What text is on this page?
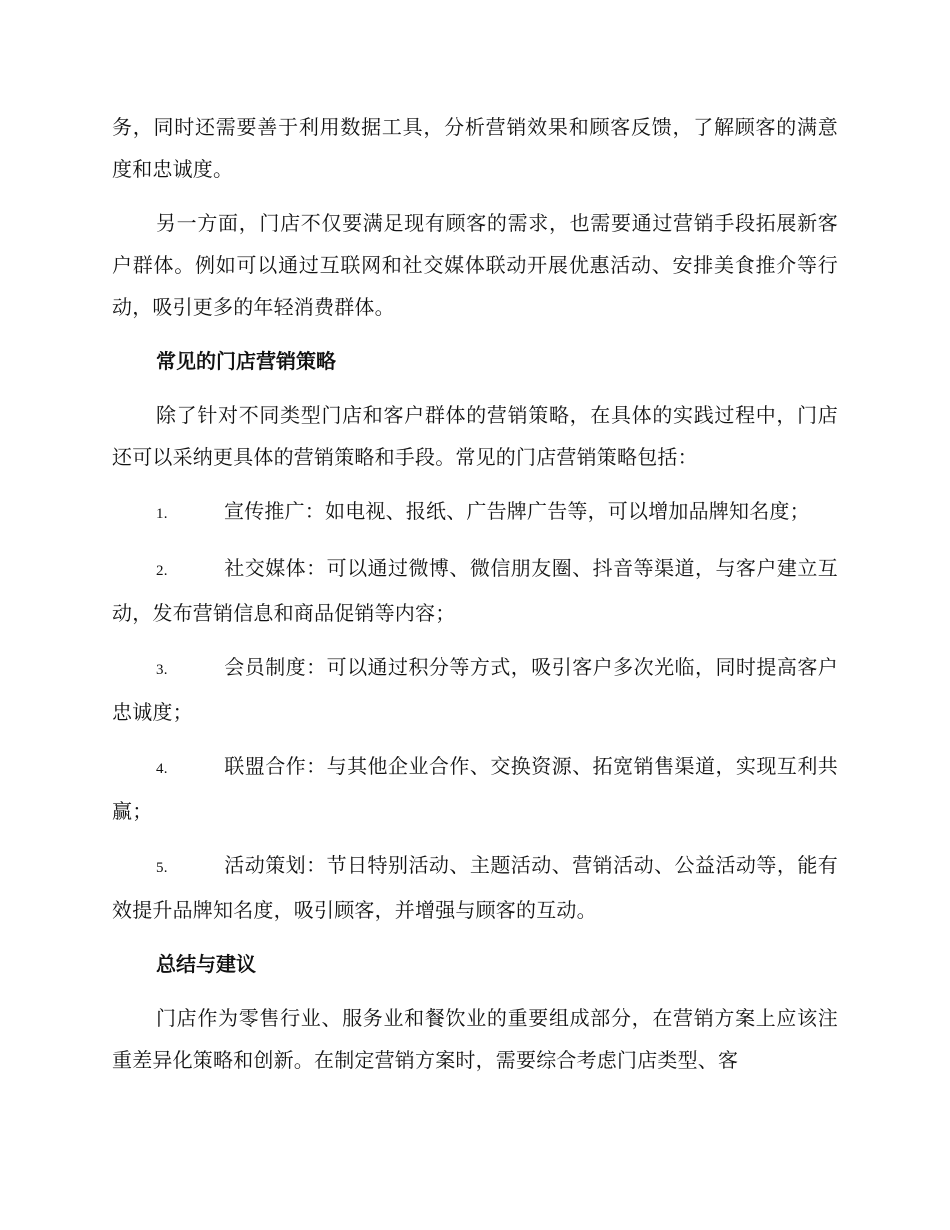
务，同时还需要善于利用数据工具，分析营销效果和顾客反馈，了解顾客的满意度和忠诚度。

另一方面，门店不仅要满足现有顾客的需求，也需要通过营销手段拓展新客户群体。例如可以通过互联网和社交媒体联动开展优惠活动、安排美食推介等行动，吸引更多的年轻消费群体。

常见的门店营销策略

除了针对不同类型门店和客户群体的营销策略，在具体的实践过程中，门店还可以采纳更具体的营销策略和手段。常见的门店营销策略包括：

1.	宣传推广：如电视、报纸、广告牌广告等，可以增加品牌知名度；

2.	社交媒体：可以通过微博、微信朋友圈、抖音等渠道，与客户建立互动，发布营销信息和商品促销等内容；

3.	会员制度：可以通过积分等方式，吸引客户多次光临，同时提高客户忠诚度；

4.	联盟合作：与其他企业合作、交换资源、拓宽销售渠道，实现互利共赢；

5.	活动策划：节日特别活动、主题活动、营销活动、公益活动等，能有效提升品牌知名度，吸引顾客，并增强与顾客的互动。

总结与建议

门店作为零售行业、服务业和餐饮业的重要组成部分，在营销方案上应该注重差异化策略和创新。在制定营销方案时，需要综合考虑门店类型、客
